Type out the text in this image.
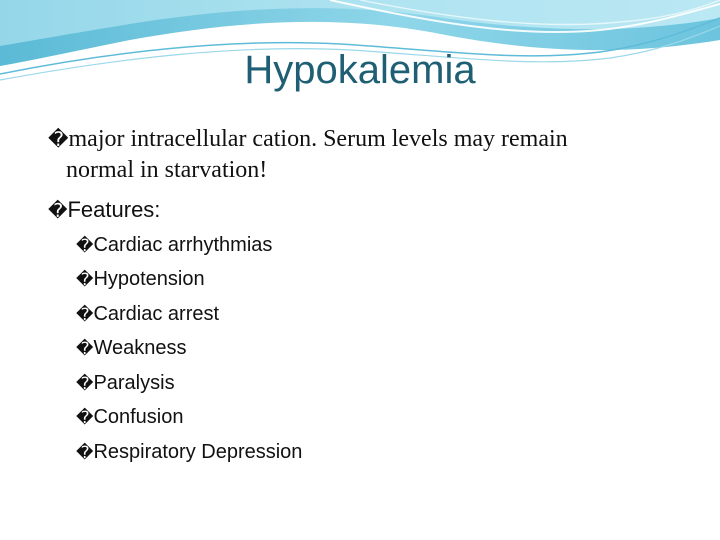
Hypokalemia
�major intracellular cation. Serum levels may remain
normal in starvation!
�Features:
�Cardiac arrhythmias
�Hypotension
�Cardiac arrest
�Weakness
�Paralysis
�Confusion
�Respiratory Depression
